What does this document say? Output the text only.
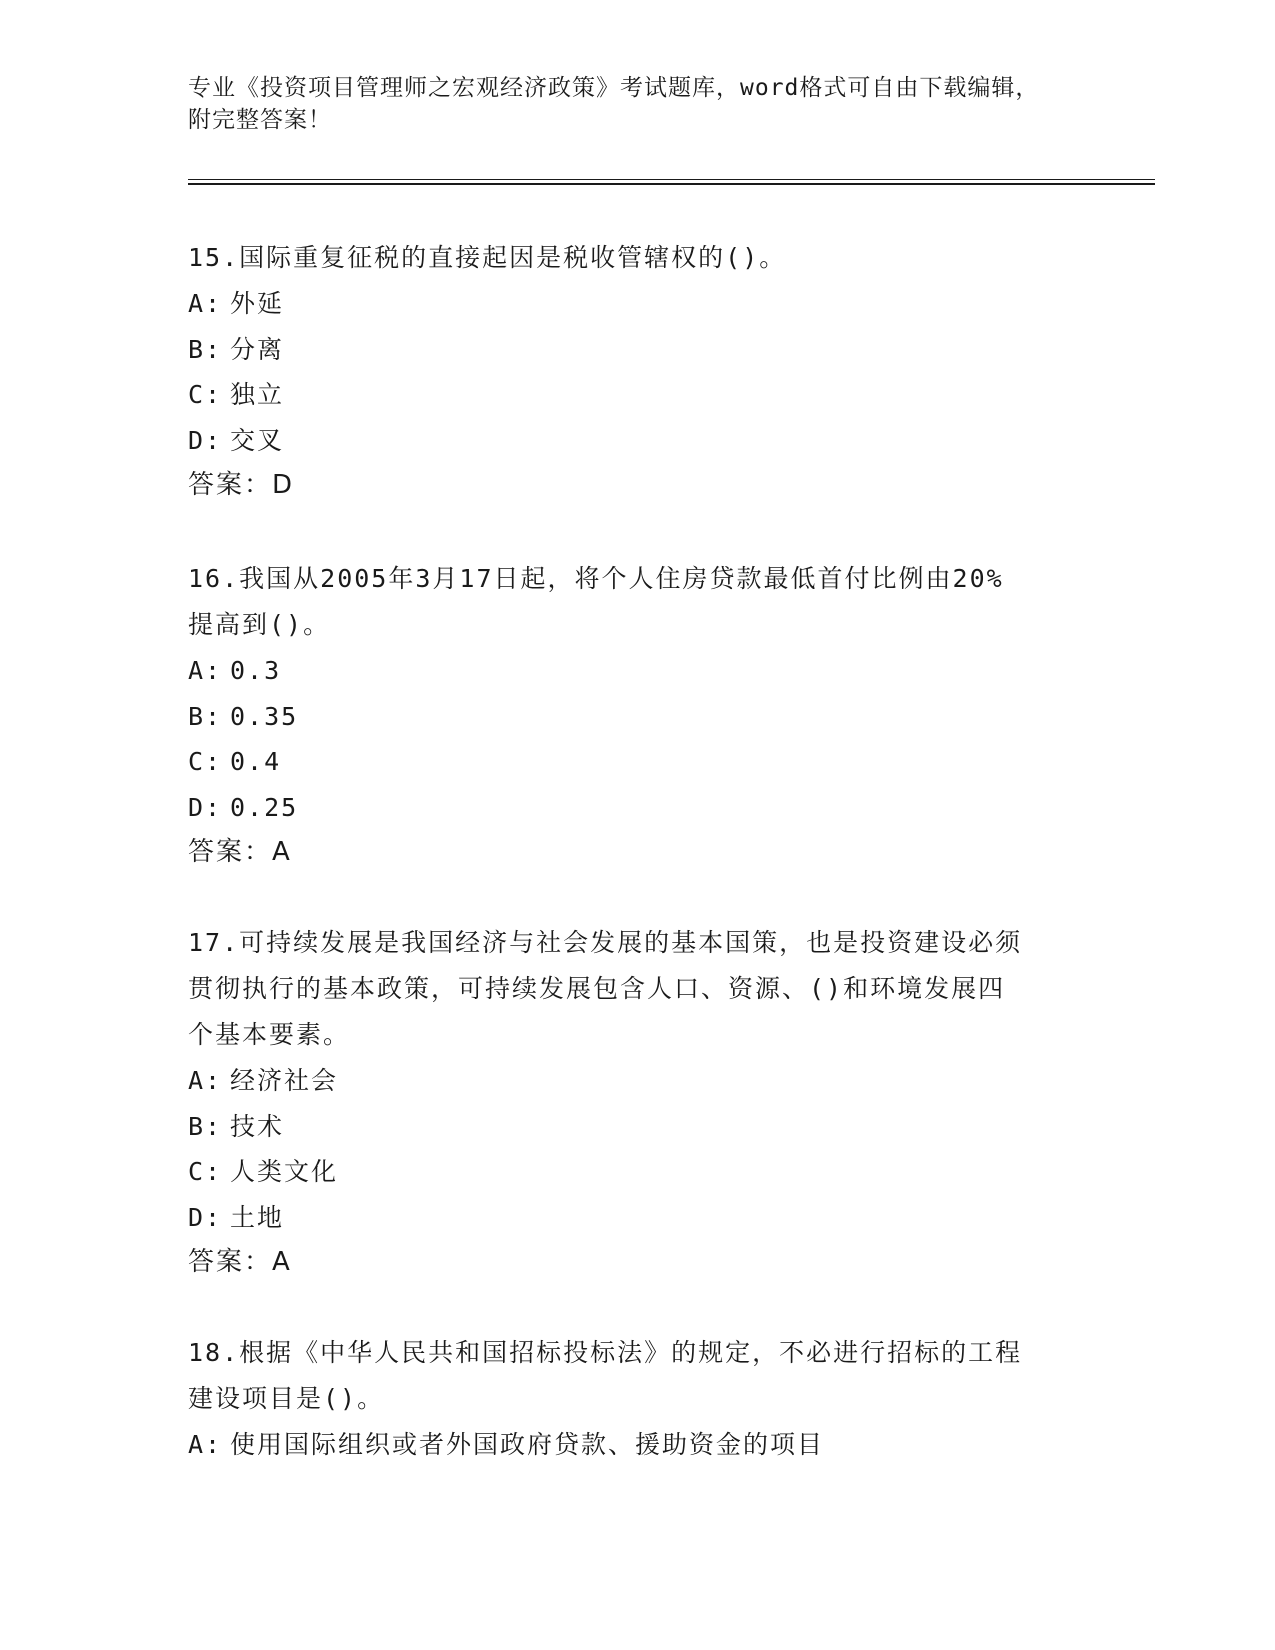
专业《投资项目管理师之宏观经济政策》考试题库，word格式可自由下载编辑，
附完整答案！

15.国际重复征税的直接起因是税收管辖权的()。

A: 外延

B: 分离

C: 独立

D: 交叉

答案：D

16.我国从2005年3月17日起，将个人住房贷款最低首付比例由20%

提高到()。

A: 0.3

B: 0.35

C: 0.4

D: 0.25

答案：A

17.可持续发展是我国经济与社会发展的基本国策，也是投资建设必须

贯彻执行的基本政策，可持续发展包含人口、资源、()和环境发展四

个基本要素。

A: 经济社会

B: 技术

C: 人类文化

D: 土地

答案：A

18.根据《中华人民共和国招标投标法》的规定，不必进行招标的工程

建设项目是()。

A: 使用国际组织或者外国政府贷款、援助资金的项目
